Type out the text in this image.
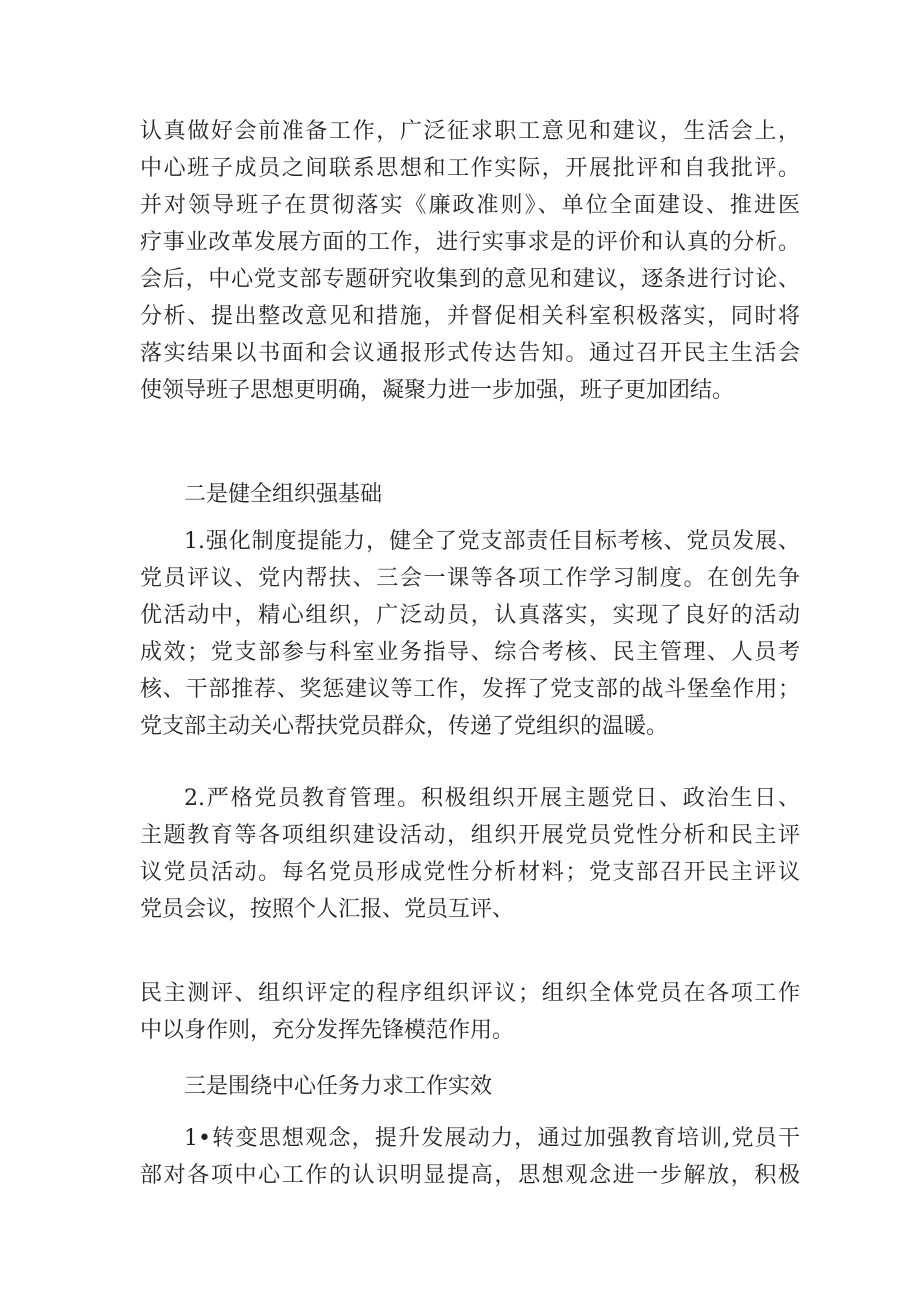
认真做好会前准备工作，广泛征求职工意见和建议，生活会上，
中心班子成员之间联系思想和工作实际，开展批评和自我批评。
并对领导班子在贯彻落实《廉政准则》、单位全面建设、推进医
疗事业改革发展方面的工作，进行实事求是的评价和认真的分析。
会后，中心党支部专题研究收集到的意见和建议，逐条进行讨论、
分析、提出整改意见和措施，并督促相关科室积极落实，同时将
落实结果以书面和会议通报形式传达告知。通过召开民主生活会
使领导班子思想更明确，凝聚力进一步加强，班子更加团结。
二是健全组织强基础
1.强化制度提能力，健全了党支部责任目标考核、党员发展、
党员评议、党内帮扶、三会一课等各项工作学习制度。在创先争
优活动中，精心组织，广泛动员，认真落实，实现了良好的活动
成效；党支部参与科室业务指导、综合考核、民主管理、人员考
核、干部推荐、奖惩建议等工作，发挥了党支部的战斗堡垒作用；
党支部主动关心帮扶党员群众，传递了党组织的温暖。
2.严格党员教育管理。积极组织开展主题党日、政治生日、
主题教育等各项组织建设活动，组织开展党员党性分析和民主评
议党员活动。每名党员形成党性分析材料；党支部召开民主评议
党员会议，按照个人汇报、党员互评、
民主测评、组织评定的程序组织评议；组织全体党员在各项工作
中以身作则，充分发挥先锋模范作用。
三是围绕中心任务力求工作实效
1•转变思想观念，提升发展动力，通过加强教育培训,党员干
部对各项中心工作的认识明显提高，思想观念进一步解放，积极
